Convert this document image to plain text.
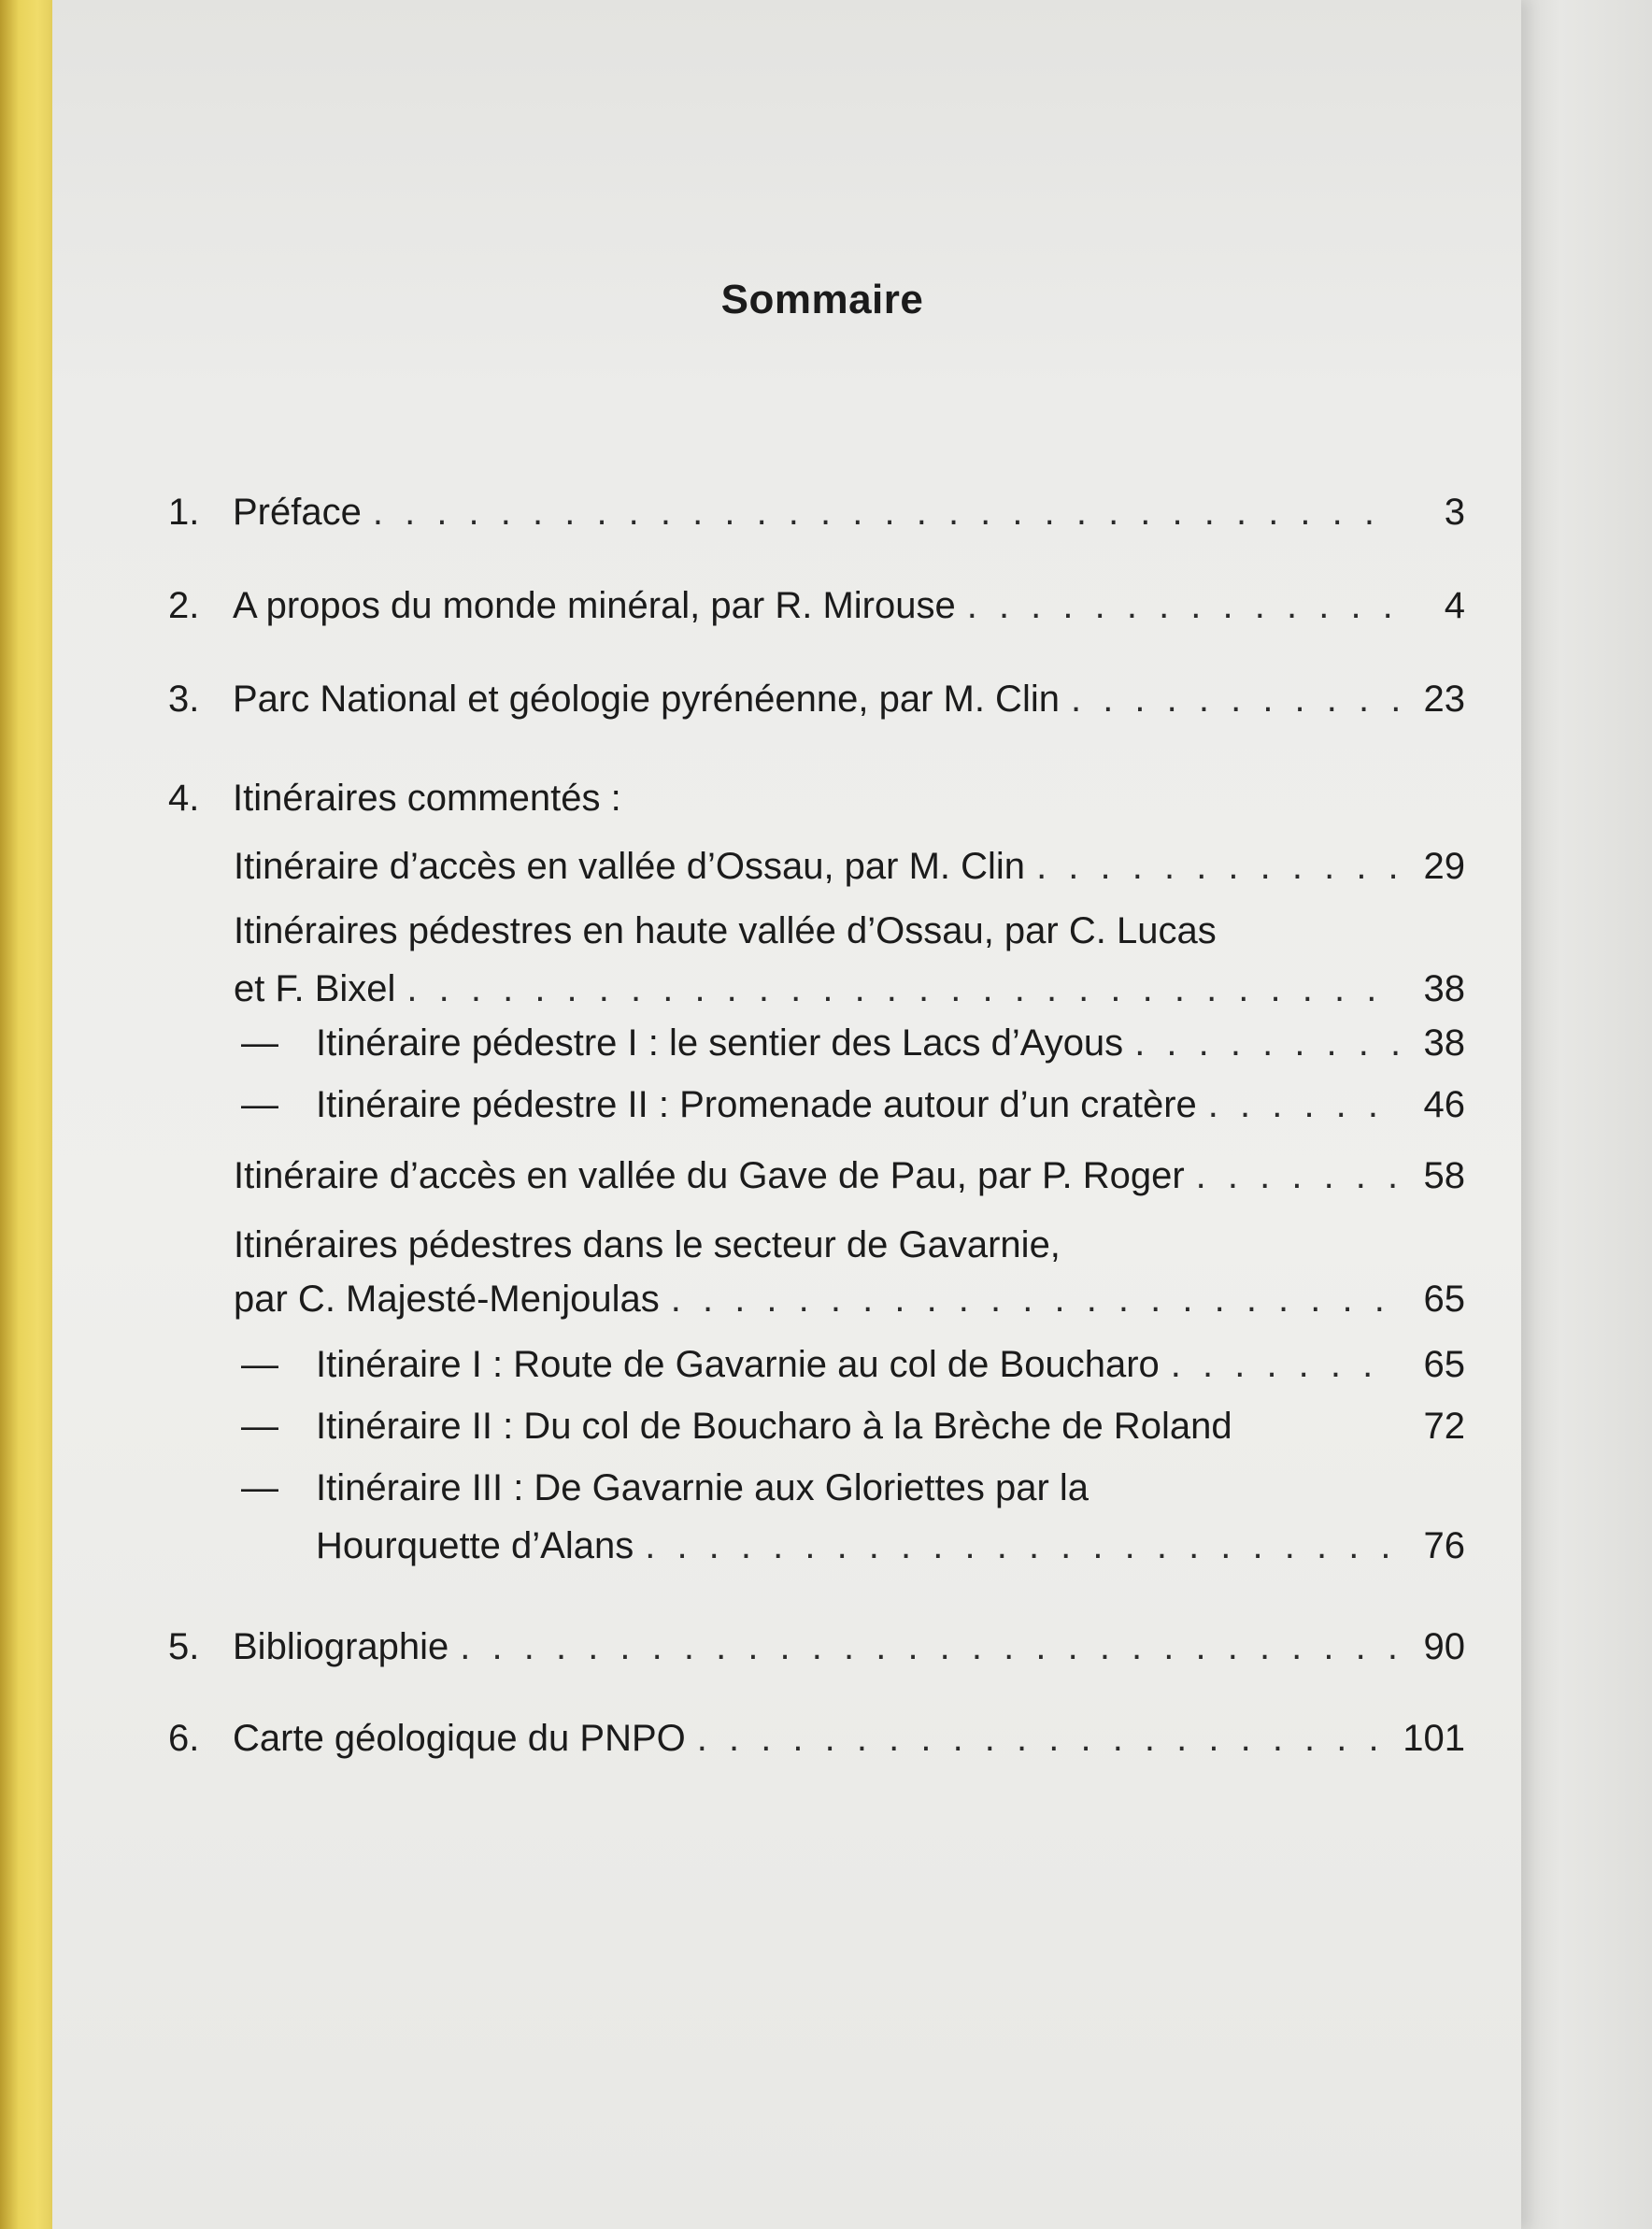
Sommaire
1. Préface . . .	3
2. A propos du monde minéral, par R. Mirouse . . .	4
3. Parc National et géologie pyrénéenne, par M. Clin . . .	23
4. Itinéraires commentés :
Itinéraire d’accès en vallée d’Ossau, par M. Clin . . .	29
Itinéraires pédestres en haute vallée d’Ossau, par C. Lucas
et F. Bixel . . .	38
—	Itinéraire pédestre I : le sentier des Lacs d’Ayous . . .	38
—	Itinéraire pédestre II : Promenade autour d’un cratère . . .	46
Itinéraire d’accès en vallée du Gave de Pau, par P. Roger . . .	58
Itinéraires pédestres dans le secteur de Gavarnie,
par C. Majesté-Menjoulas . . .	65
—	Itinéraire I : Route de Gavarnie au col de Boucharo . . .	65
—	Itinéraire II : Du col de Boucharo à la Brèche de Roland	72
—	Itinéraire III : De Gavarnie aux Gloriettes par la
Hourquette d’Alans . . .	76
5. Bibliographie . . .	90
6. Carte géologique du PNPO . . .	101
